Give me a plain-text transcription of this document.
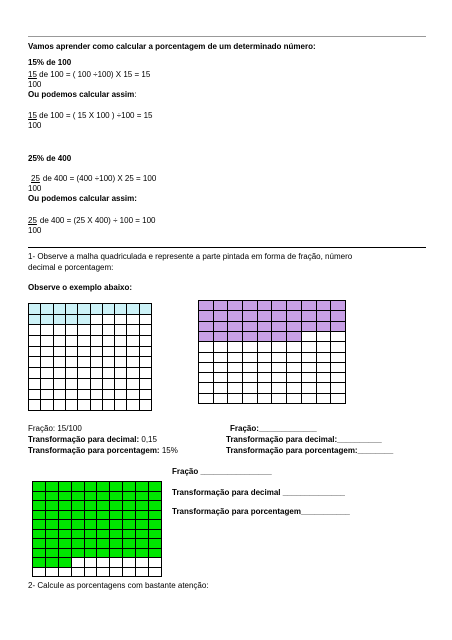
Vamos aprender como calcular a porcentagem de um determinado número:
15% de 100
15 de 100 = ( 100 ÷100) X 15 = 15
100
Ou podemos calcular assim:
15 de 100 = ( 15 X 100 ) ÷100 = 15
100
25% de 400
25 de 400 = (400 ÷100) X 25 = 100
100
Ou podemos calcular assim:
25 de 400 = (25 X 400) ÷ 100 = 100
100
1- Observe a malha quadriculada e represente a parte pintada em forma de fração, número
decimal e porcentagem:
Observe o exemplo abaixo:
Fração: 15/100
Transformação para decimal: 0,15
Transformação para porcentagem: 15%
Fração:_____________
Transformação para decimal:__________
Transformação para porcentagem:________
Fração ________________
Transformação para decimal ______________
Transformação para porcentagem___________
2- Calcule as porcentagens com bastante atenção:
